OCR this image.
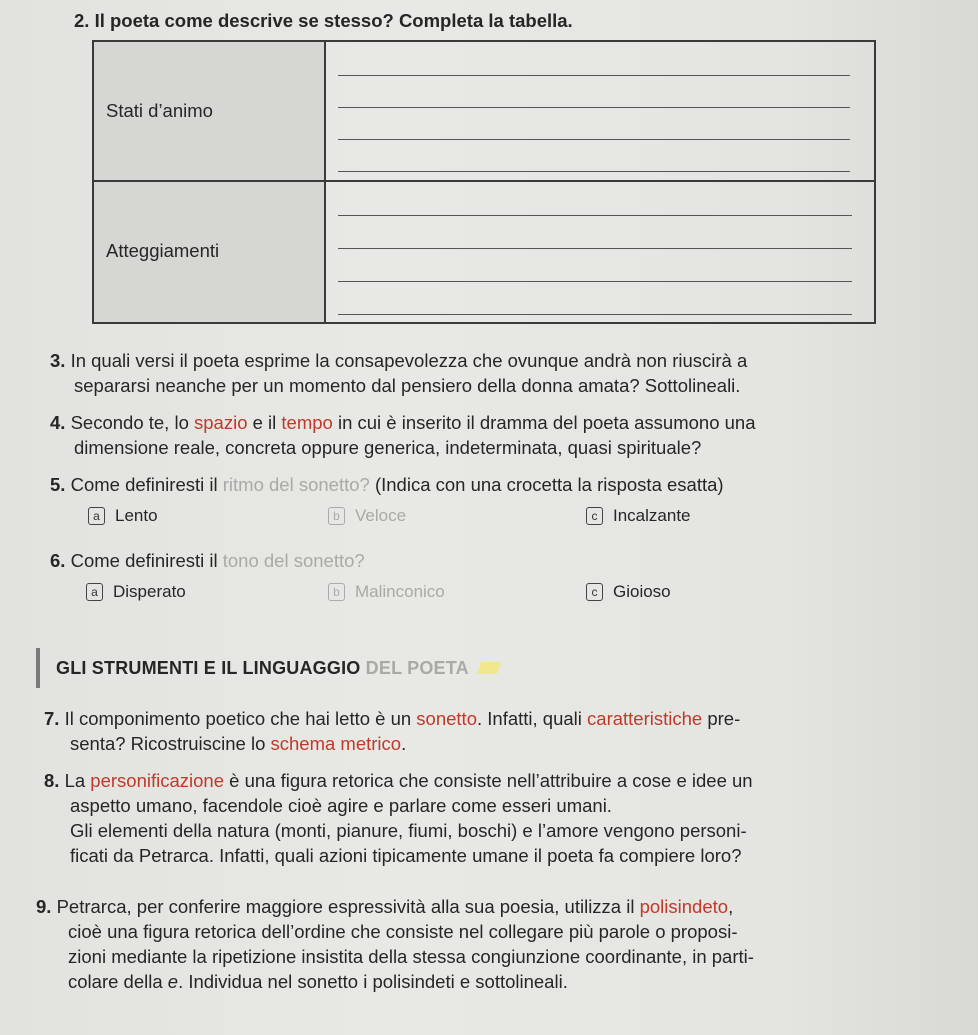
2. Il poeta come descrive se stesso? Completa la tabella.
Stati d’animo
Atteggiamenti
3. In quali versi il poeta esprime la consapevolezza che ovunque andrà non riuscirà a
separarsi neanche per un momento dal pensiero della donna amata? Sottolineali.
4. Secondo te, lo spazio e il tempo in cui è inserito il dramma del poeta assumono una
dimensione reale, concreta oppure generica, indeterminata, quasi spirituale?
5. Come definiresti il ritmo del sonetto? (Indica con una crocetta la risposta esatta)
a Lento	b Veloce	c Incalzante
6. Come definiresti il tono del sonetto?
a Disperato	b Malinconico	c Gioioso
GLI STRUMENTI E IL LINGUAGGIO DEL POETA
7. Il componimento poetico che hai letto è un sonetto. Infatti, quali caratteristiche pre-
senta? Ricostruiscine lo schema metrico.
8. La personificazione è una figura retorica che consiste nell’attribuire a cose e idee un
aspetto umano, facendole cioè agire e parlare come esseri umani.
Gli elementi della natura (monti, pianure, fiumi, boschi) e l’amore vengono personi-
ficati da Petrarca. Infatti, quali azioni tipicamente umane il poeta fa compiere loro?
9. Petrarca, per conferire maggiore espressività alla sua poesia, utilizza il polisindeto,
cioè una figura retorica dell’ordine che consiste nel collegare più parole o proposi-
zioni mediante la ripetizione insistita della stessa congiunzione coordinante, in parti-
colare della e. Individua nel sonetto i polisindeti e sottolineali.
